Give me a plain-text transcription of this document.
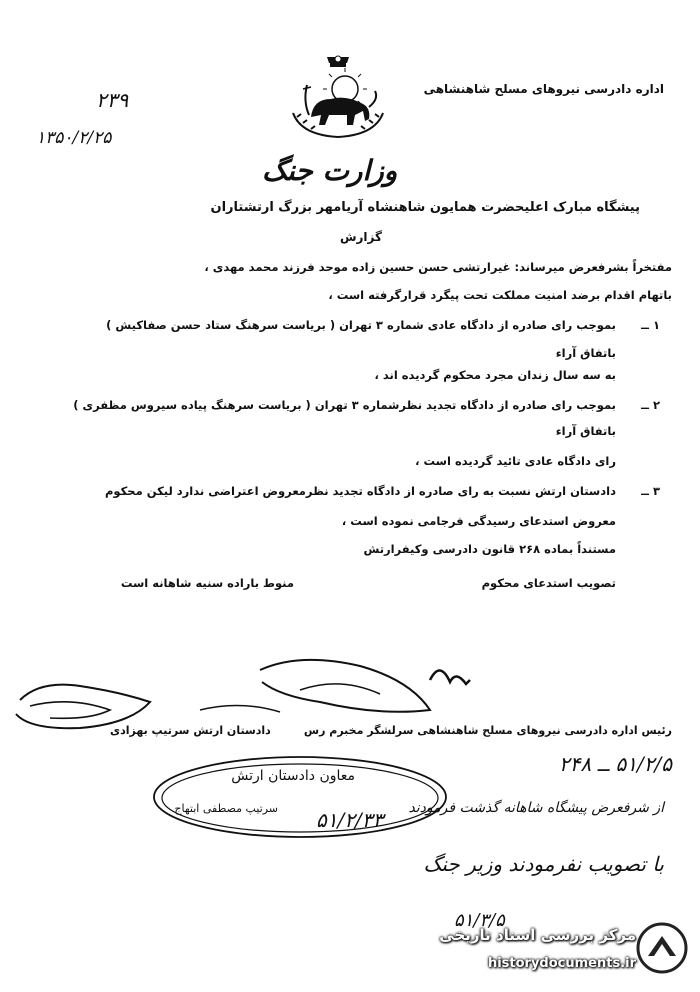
اداره دادرسی نیروهای مسلح شاهنشاهی
۲۳۹
۱۳۵۰/۲/۲۵
وزارت جنگ
پیشگاه مبارک اعلیحضرت همایون شاهنشاه آریامهر بزرگ ارتشتاران
گزارش
مفتخراً بشرفعرض میرساند: غیرارتشی حسن حسین زاده موحد فرزند محمد مهدی ،
باتهام اقدام برضد امنیت مملکت تحت پیگرد قرارگرفته است ،
۱ ــ
بموجب رای صادره از دادگاه عادی شماره ۳ تهران ( بریاست سرهنگ ستاد حسن صفاکیش )
باتفاق آراء
به سه سال زندان مجرد محکوم گردیده اند ،
۲ ــ
بموجب رای صادره از دادگاه تجدید نظرشماره ۳ تهران ( بریاست سرهنگ پیاده سیروس مظفری )
باتفاق آراء
رای دادگاه عادی تائید گردیده است ،
۳ ــ
دادستان ارتش نسبت به رای صادره از دادگاه تجدید نظرمعروض اعتراضی ندارد لیکن محکوم
معروض استدعای رسیدگی فرجامی نموده است ،
مستنداً بماده ۲۶۸ قانون دادرسی وکیفرارتش
تصویب استدعای محکوم
منوط باراده سنیه شاهانه است
دادستان ارتش سرتیپ بهزادی	رئیس اداره دادرسی نیروهای مسلح شاهنشاهی سرلشگر مخبرم رس
معاون دادستان ارتش
سرتیپ مصطفی ابتهاج ۵۱/۲/۳۳
۵۱/۲/۵ ــ ۲۴۸
از شرفعرض پیشگاه شاهانه گذشت فرمودند
با تصویب نفرمودند وزیر جنگ
۵۱/۳/۵
مرکز بررسی اسناد تاریخی
historydocuments.ir
